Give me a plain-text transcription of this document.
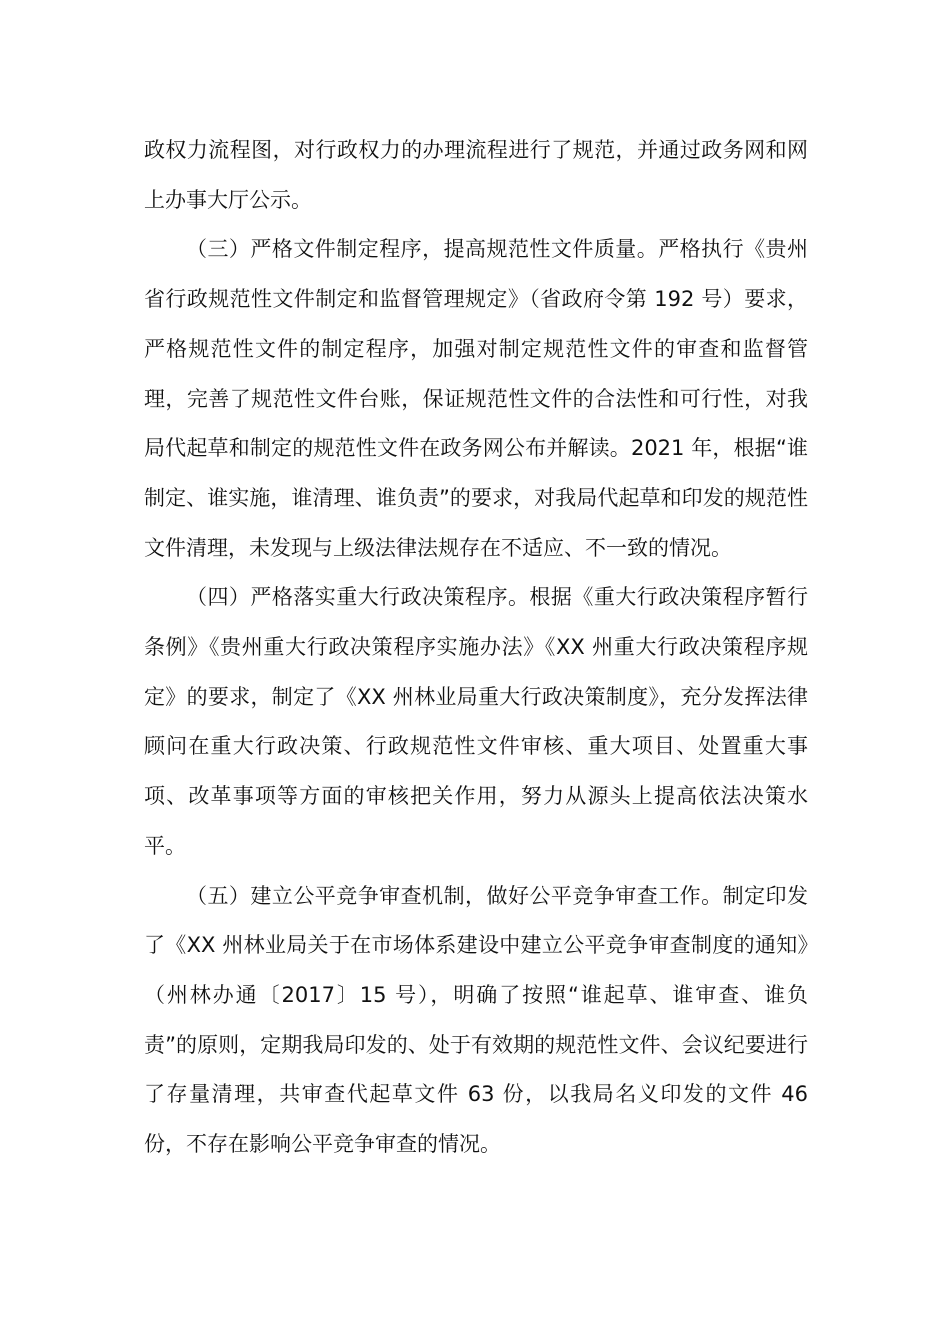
政权力流程图，对行政权力的办理流程进行了规范，并通过政务网和网上办事大厅公示。

（三）严格文件制定程序，提高规范性文件质量。严格执行《贵州省行政规范性文件制定和监督管理规定》（省政府令第 192 号）要求，严格规范性文件的制定程序，加强对制定规范性文件的审查和监督管理，完善了规范性文件台账，保证规范性文件的合法性和可行性，对我局代起草和制定的规范性文件在政务网公布并解读。2021 年，根据“谁制定、谁实施，谁清理、谁负责”的要求，对我局代起草和印发的规范性文件清理，未发现与上级法律法规存在不适应、不一致的情况。

（四）严格落实重大行政决策程序。根据《重大行政决策程序暂行条例》《贵州重大行政决策程序实施办法》《XX 州重大行政决策程序规定》的要求，制定了《XX 州林业局重大行政决策制度》，充分发挥法律顾问在重大行政决策、行政规范性文件审核、重大项目、处置重大事项、改革事项等方面的审核把关作用，努力从源头上提高依法决策水平。

（五）建立公平竞争审查机制，做好公平竞争审查工作。制定印发了《XX 州林业局关于在市场体系建设中建立公平竞争审查制度的通知》（州林办通〔2017〕15 号），明确了按照“谁起草、谁审查、谁负责”的原则，定期我局印发的、处于有效期的规范性文件、会议纪要进行了存量清理，共审查代起草文件 63 份，以我局名义印发的文件 46 份，不存在影响公平竞争审查的情况。
